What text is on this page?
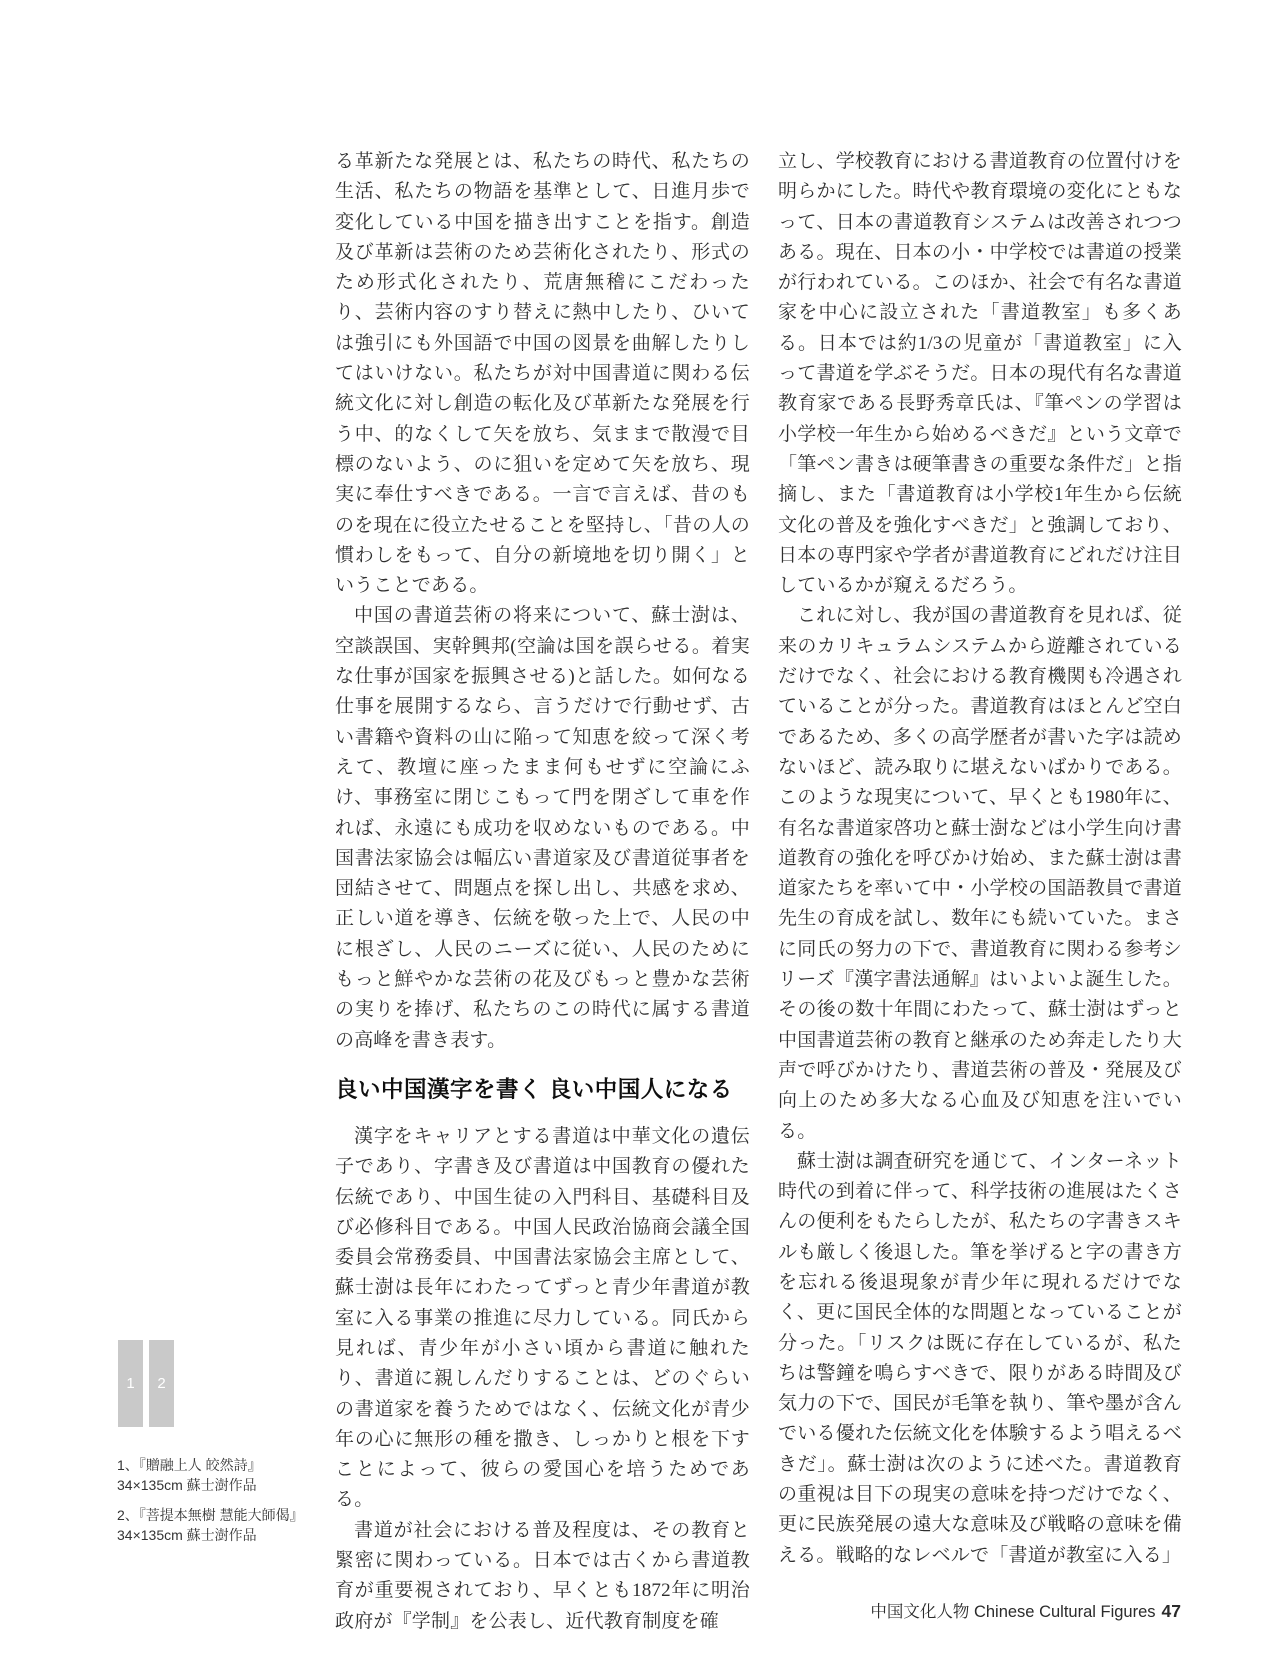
る革新たな発展とは、私たちの時代、私たちの生活、私たちの物語を基準として、日進月歩で変化している中国を描き出すことを指す。創造及び革新は芸術のため芸術化されたり、形式のため形式化されたり、荒唐無稽にこだわったり、芸術内容のすり替えに熱中したり、ひいては強引にも外国語で中国の図景を曲解したりしてはいけない。私たちが対中国書道に関わる伝統文化に対し創造の転化及び革新たな発展を行う中、的なくして矢を放ち、気ままで散漫で目標のないよう、のに狙いを定めて矢を放ち、現実に奉仕すべきである。一言で言えば、昔のものを現在に役立たせることを堅持し、「昔の人の慣わしをもって、自分の新境地を切り開く」ということである。

中国の書道芸術の将来について、蘇士澍は、空談誤国、実幹興邦(空論は国を誤らせる。着実な仕事が国家を振興させる)と話した。如何なる仕事を展開するなら、言うだけで行動せず、古い書籍や資料の山に陥って知恵を絞って深く考えて、教壇に座ったまま何もせずに空論にふけ、事務室に閉じこもって門を閉ざして車を作れば、永遠にも成功を収めないものである。中国書法家協会は幅広い書道家及び書道従事者を団結させて、問題点を探し出し、共感を求め、正しい道を導き、伝統を敬った上で、人民の中に根ざし、人民のニーズに従い、人民のためにもっと鮮やかな芸術の花及びもっと豊かな芸術の実りを捧げ、私たちのこの時代に属する書道の高峰を書き表す。

良い中国漢字を書く 良い中国人になる

漢字をキャリアとする書道は中華文化の遺伝子であり、字書き及び書道は中国教育の優れた伝統であり、中国生徒の入門科目、基礎科目及び必修科目である。中国人民政治協商会議全国委員会常務委員、中国書法家協会主席として、蘇士澍は長年にわたってずっと青少年書道が教室に入る事業の推進に尽力している。同氏から見れば、青少年が小さい頃から書道に触れたり、書道に親しんだりすることは、どのぐらいの書道家を養うためではなく、伝統文化が青少年の心に無形の種を撒き、しっかりと根を下すことによって、彼らの愛国心を培うためである。

書道が社会における普及程度は、その教育と緊密に関わっている。日本では古くから書道教育が重要視されており、早くとも1872年に明治政府が『学制』を公表し、近代教育制度を確

立し、学校教育における書道教育の位置付けを明らかにした。時代や教育環境の変化にともなって、日本の書道教育システムは改善されつつある。現在、日本の小・中学校では書道の授業が行われている。このほか、社会で有名な書道家を中心に設立された「書道教室」も多くある。日本では約1/3の児童が「書道教室」に入って書道を学ぶそうだ。日本の現代有名な書道教育家である長野秀章氏は、『筆ペンの学習は小学校一年生から始めるべきだ』という文章で「筆ペン書きは硬筆書きの重要な条件だ」と指摘し、また「書道教育は小学校1年生から伝統文化の普及を強化すべきだ」と強調しており、日本の専門家や学者が書道教育にどれだけ注目しているかが窺えるだろう。

これに対し、我が国の書道教育を見れば、従来のカリキュラムシステムから遊離されているだけでなく、社会における教育機関も冷遇されていることが分った。書道教育はほとんど空白であるため、多くの高学歴者が書いた字は読めないほど、読み取りに堪えないばかりである。このような現実について、早くとも1980年に、有名な書道家啓功と蘇士澍などは小学生向け書道教育の強化を呼びかけ始め、また蘇士澍は書道家たちを率いて中・小学校の国語教員で書道先生の育成を試し、数年にも続いていた。まさに同氏の努力の下で、書道教育に関わる参考シリーズ『漢字書法通解』はいよいよ誕生した。その後の数十年間にわたって、蘇士澍はずっと中国書道芸術の教育と継承のため奔走したり大声で呼びかけたり、書道芸術の普及・発展及び向上のため多大なる心血及び知恵を注いでいる。

蘇士澍は調査研究を通じて、インターネット時代の到着に伴って、科学技術の進展はたくさんの便利をもたらしたが、私たちの字書きスキルも厳しく後退した。筆を挙げると字の書き方を忘れる後退現象が青少年に現れるだけでなく、更に国民全体的な問題となっていることが分った。「リスクは既に存在しているが、私たちは警鐘を鳴らすべきで、限りがある時間及び気力の下で、国民が毛筆を執り、筆や墨が含んでいる優れた伝統文化を体験するよう唱えるべきだ」。蘇士澍は次のように述べた。書道教育の重視は目下の現実の意味を持つだけでなく、更に民族発展の遠大な意味及び戦略の意味を備える。戦略的なレベルで「書道が教室に入る」

1 2
1、『贈融上人 皎然詩』
34×135cm 蘇士澍作品
2、『菩提本無樹 慧能大師偈』
34×135cm 蘇士澍作品
中国文化人物 Chinese Cultural Figures 47
